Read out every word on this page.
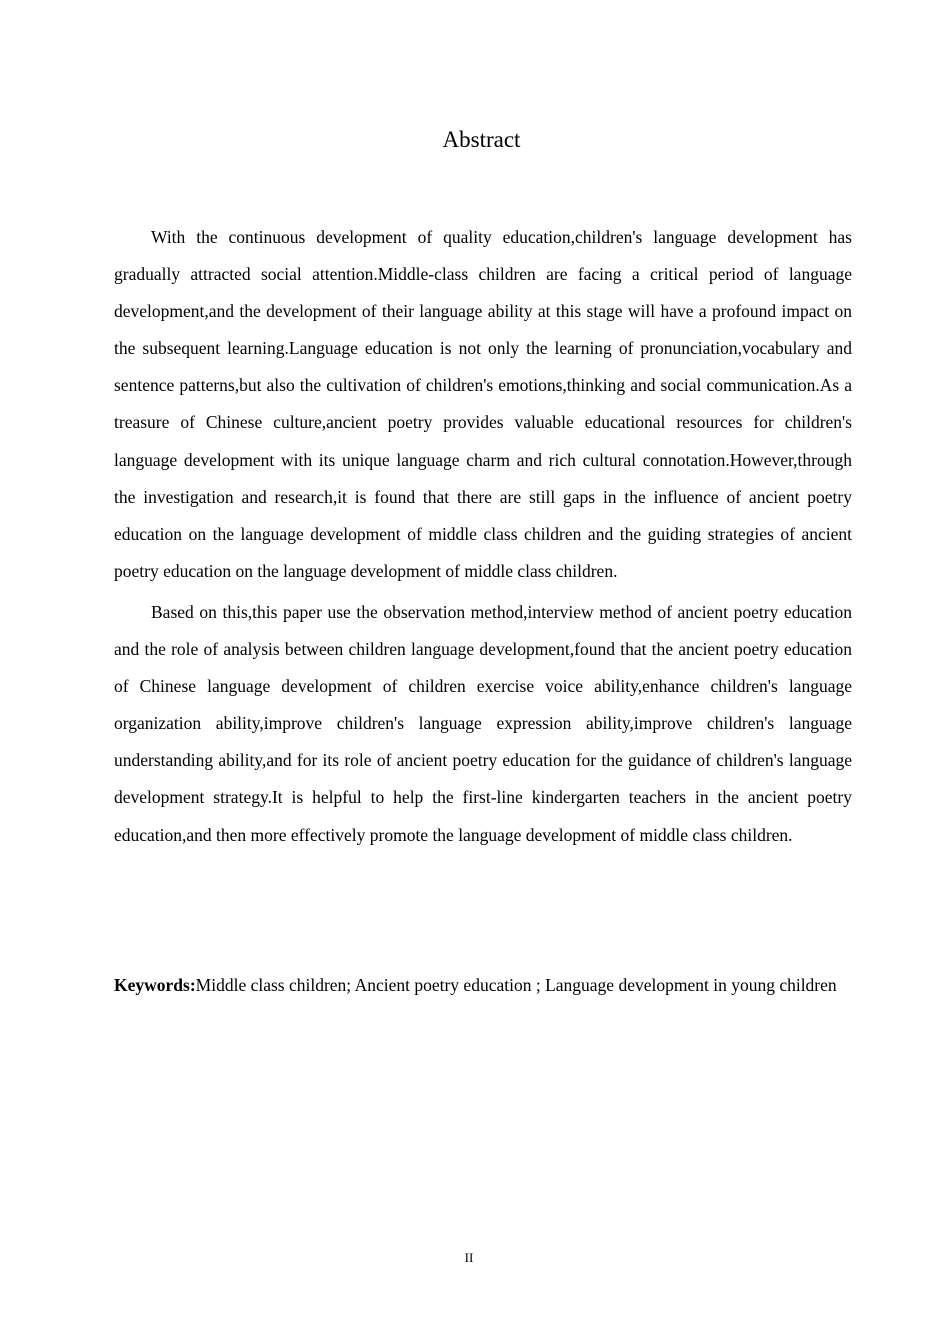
Abstract

With the continuous development of quality education,children's language development has gradually attracted social attention.Middle-class children are facing a critical period of language development,and the development of their language ability at this stage will have a profound impact on the subsequent learning.Language education is not only the learning of pronunciation,vocabulary and sentence patterns,but also the cultivation of children's emotions,thinking and social communication.As a treasure of Chinese culture,ancient poetry provides valuable educational resources for children's language development with its unique language charm and rich cultural connotation.However,through the investigation and research,it is found that there are still gaps in the influence of ancient poetry education on the language development of middle class children and the guiding strategies of ancient poetry education on the language development of middle class children.

Based on this,this paper use the observation method,interview method of ancient poetry education and the role of analysis between children language development,found that the ancient poetry education of Chinese language development of children exercise voice ability,enhance children's language organization ability,improve children's language expression ability,improve children's language understanding ability,and for its role of ancient poetry education for the guidance of children's language development strategy.It is helpful to help the first-line kindergarten teachers in the ancient poetry education,and then more effectively promote the language development of middle class children.

Keywords:Middle class children; Ancient poetry education ; Language development in young children

II
